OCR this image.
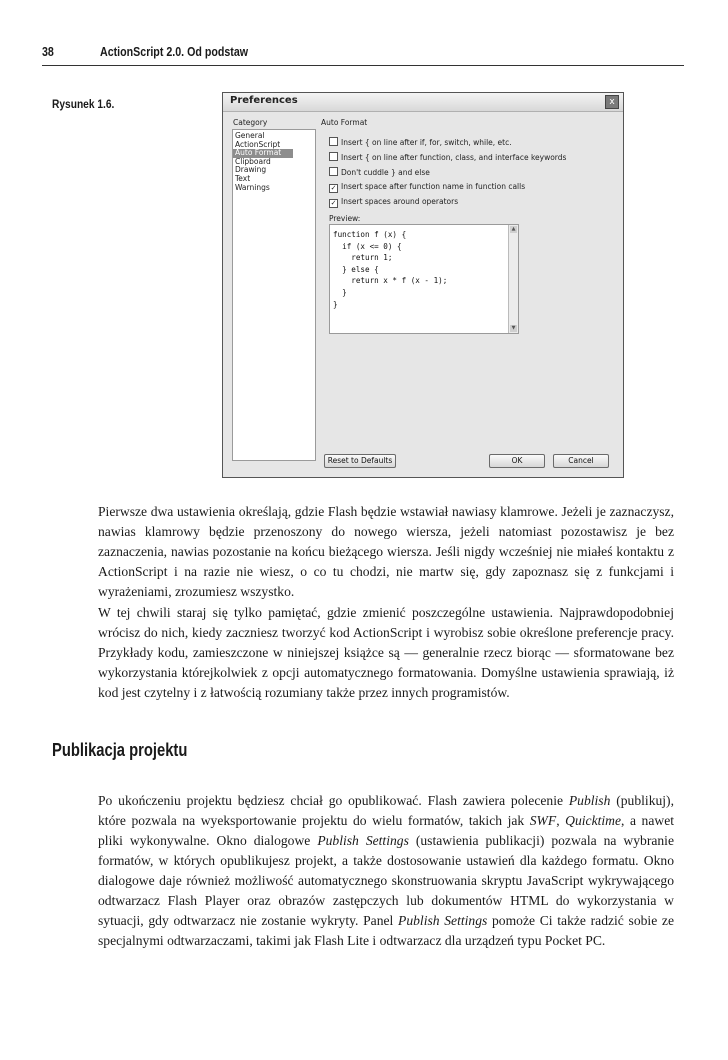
38	ActionScript 2.0. Od podstaw
Rysunek 1.6.	Preferences	x
Category
General
ActionScript
Auto Format
Clipboard
Drawing
Text
Warnings
Auto Format
Insert { on line after if, for, switch, while, etc.
Insert { on line after function, class, and interface keywords
Don't cuddle } and else
✓ Insert space after function name in function calls
✓ Insert spaces around operators
Preview:
function f (x) {
if (x <= 0) {
return 1;
} else {
return x * f (x - 1);
}
}
▲
▼
Reset to Defaults	OK	Cancel

Pierwsze dwa ustawienia określają, gdzie Flash będzie wstawiał nawiasy klamrowe. Jeżeli je zaznaczysz, nawias klamrowy będzie przenoszony do nowego wiersza, jeżeli natomiast pozostawisz je bez zaznaczenia, nawias pozostanie na końcu bieżącego wiersza. Jeśli nigdy wcześniej nie miałeś kontaktu z ActionScript i na razie nie wiesz, o co tu chodzi, nie martw się, gdy zapoznasz się z funkcjami i wyrażeniami, zrozumiesz wszystko.

W tej chwili staraj się tylko pamiętać, gdzie zmienić poszczególne ustawienia. Najprawdopodobniej wrócisz do nich, kiedy zaczniesz tworzyć kod ActionScript i wyrobisz sobie określone preferencje pracy. Przykłady kodu, zamieszczone w niniejszej książce są — generalnie rzecz biorąc — sformatowane bez wykorzystania którejkolwiek z opcji automatycznego formatowania. Domyślne ustawienia sprawiają, iż kod jest czytelny i z łatwością rozumiany także przez innych programistów.

Publikacja projektu

Po ukończeniu projektu będziesz chciał go opublikować. Flash zawiera polecenie Publish (publikuj), które pozwala na wyeksportowanie projektu do wielu formatów, takich jak SWF, Quicktime, a nawet pliki wykonywalne. Okno dialogowe Publish Settings (ustawienia publikacji) pozwala na wybranie formatów, w których opublikujesz projekt, a także dostosowanie ustawień dla każdego formatu. Okno dialogowe daje również możliwość automatycznego skonstruowania skryptu JavaScript wykrywającego odtwarzacz Flash Player oraz obrazów zastępczych lub dokumentów HTML do wykorzystania w sytuacji, gdy odtwarzacz nie zostanie wykryty. Panel Publish Settings pomoże Ci także radzić sobie ze specjalnymi odtwarzaczami, takimi jak Flash Lite i odtwarzacz dla urządzeń typu Pocket PC.
